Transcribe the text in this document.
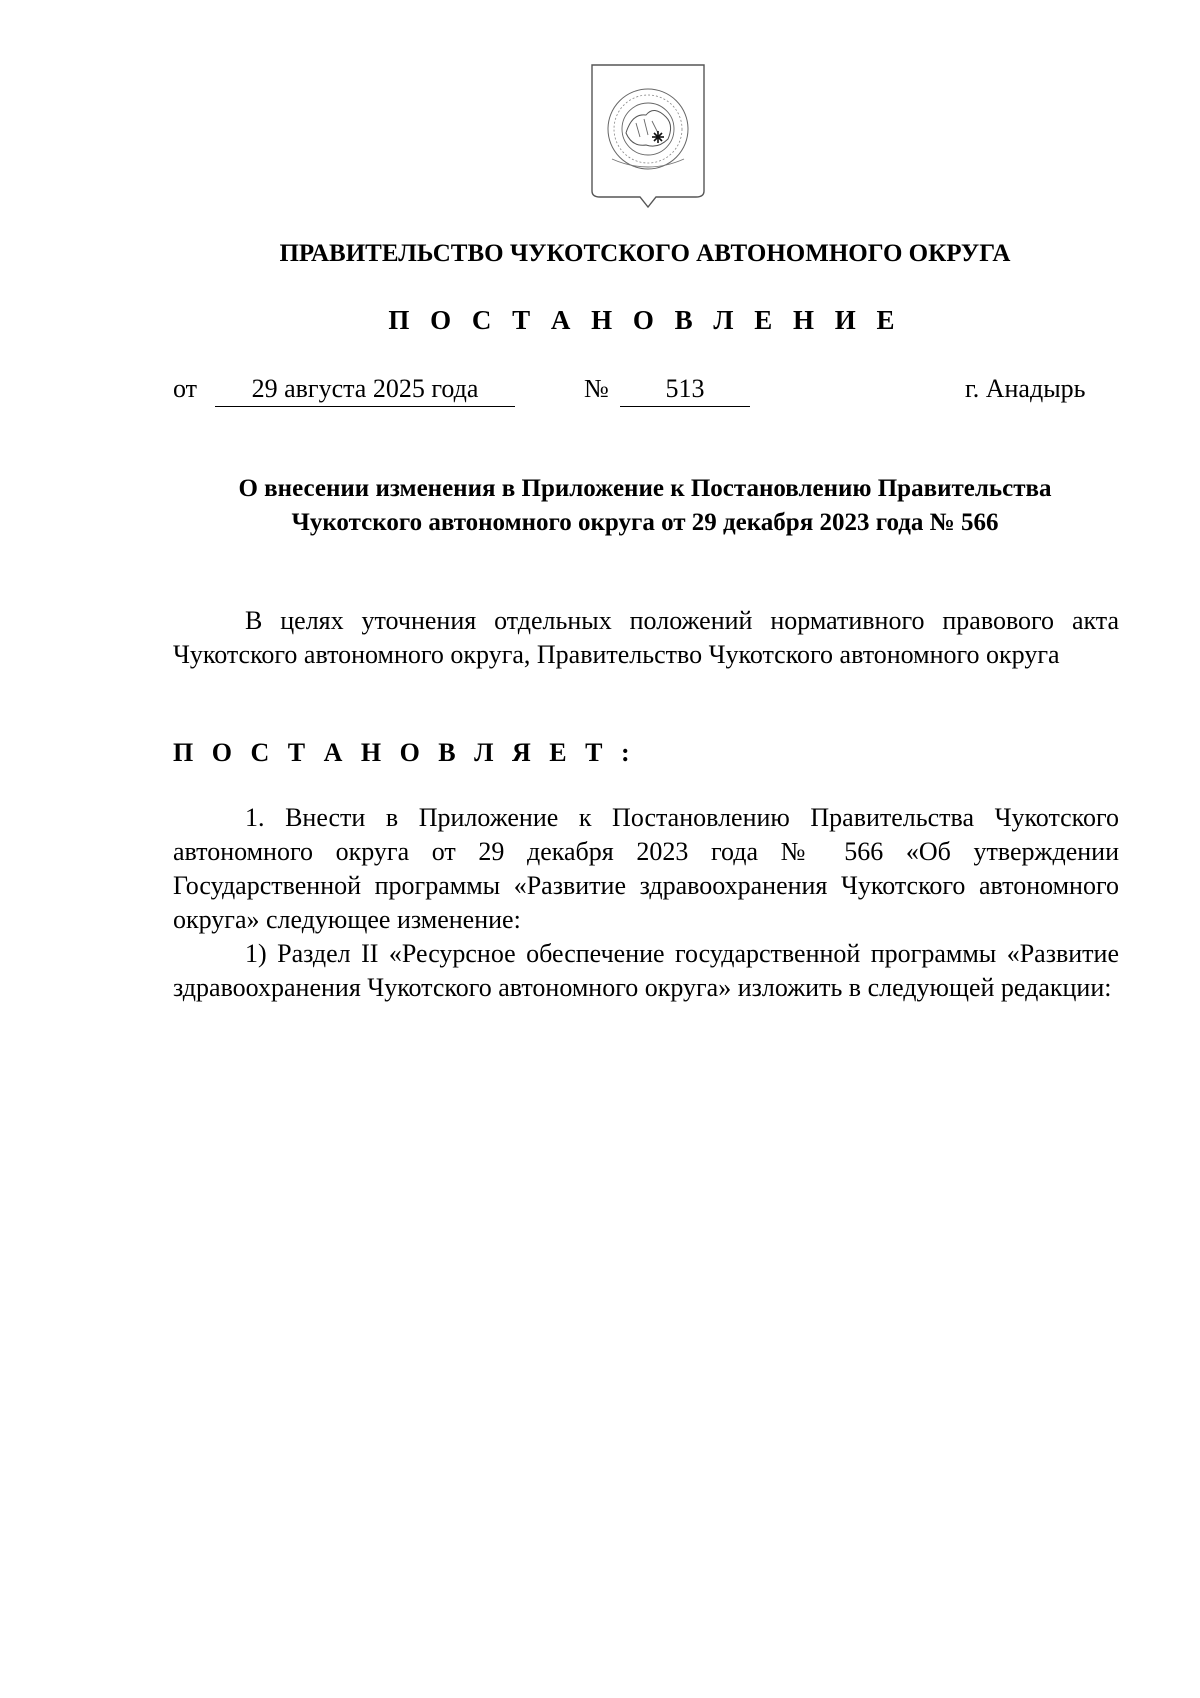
ПРАВИТЕЛЬСТВО ЧУКОТСКОГО АВТОНОМНОГО ОКРУГА
П О С Т А Н О В Л Е Н И Е
от	29 августа 2025 года	№	513	г. Анадырь
О внесении изменения в Приложение к Постановлению Правительства
Чукотского автономного округа от 29 декабря 2023 года № 566

В целях уточнения отдельных положений нормативного правового акта Чукотского автономного округа, Правительство Чукотского автономного округа

П О С Т А Н О В Л Я Е Т :

1. Внести в Приложение к Постановлению Правительства Чукотского автономного округа от 29 декабря 2023 года № 566 «Об утверждении Государственной программы «Развитие здравоохранения Чукотского автономного округа» следующее изменение:

1) Раздел II «Ресурсное обеспечение государственной программы «Развитие здравоохранения Чукотского автономного округа» изложить в следующей редакции:
